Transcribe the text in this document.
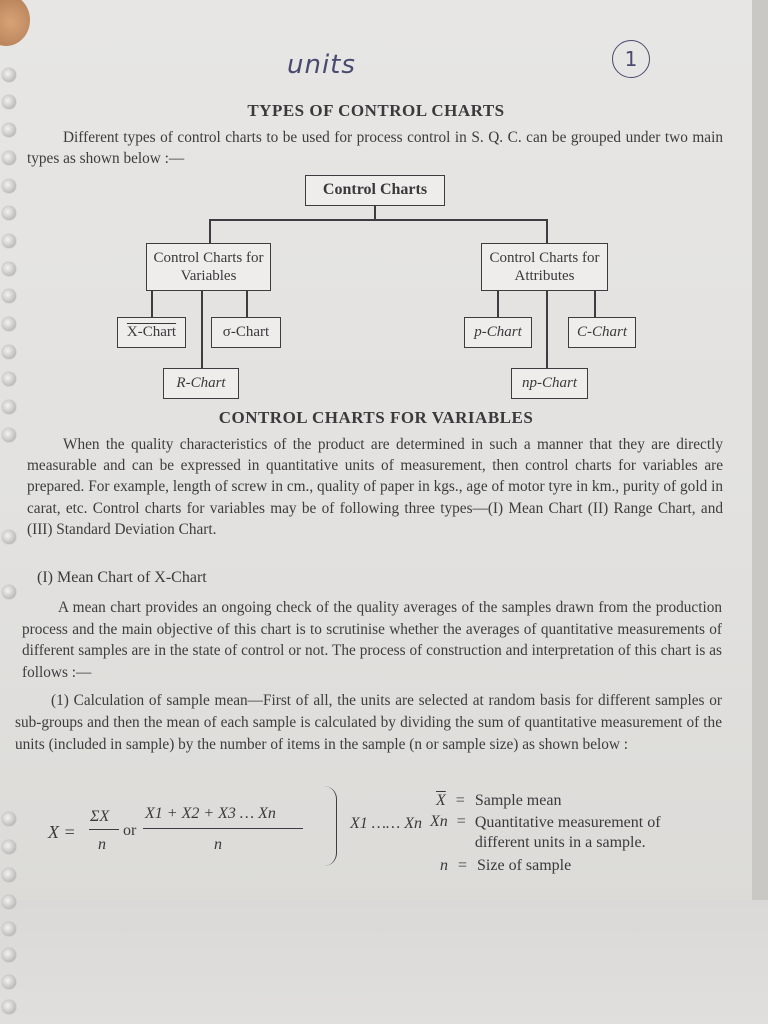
units	1
TYPES OF CONTROL CHARTS
Different types of control charts to be used for process control in S. Q. C. can be grouped under two main types as shown below :—
Control Charts
Control Charts for Variables
Control Charts for Attributes
X-Chart	σ-Chart
R-Chart
p-Chart	C-Chart
np-Chart
CONTROL CHARTS FOR VARIABLES
When the quality characteristics of the product are determined in such a manner that they are directly measurable and can be expressed in quantitative units of measurement, then control charts for variables are prepared. For example, length of screw in cm., quality of paper in kgs., age of motor tyre in km., purity of gold in carat, etc. Control charts for variables may be of following three types—(I) Mean Chart (II) Range Chart, and (III) Standard Deviation Chart.
(I) Mean Chart of X-Chart
A mean chart provides an ongoing check of the quality averages of the samples drawn from the production process and the main objective of this chart is to scrutinise whether the averages of quantitative measurements of different samples are in the state of control or not. The process of construction and interpretation of this chart is as follows :—
(1) Calculation of sample mean—First of all, the units are selected at random basis for different samples or sub-groups and then the mean of each sample is calculated by dividing the sum of quantitative measurement of the units (included in sample) by the number of items in the sample (n or sample size) as shown below :
X =
ΣX
n
or
X1 + X2 + X3 … Xn
n
X1 …… Xn
$\overline{X}$ = Sample mean
Xn = Quantitative measurement of different units in a sample.
n = Size of sample
